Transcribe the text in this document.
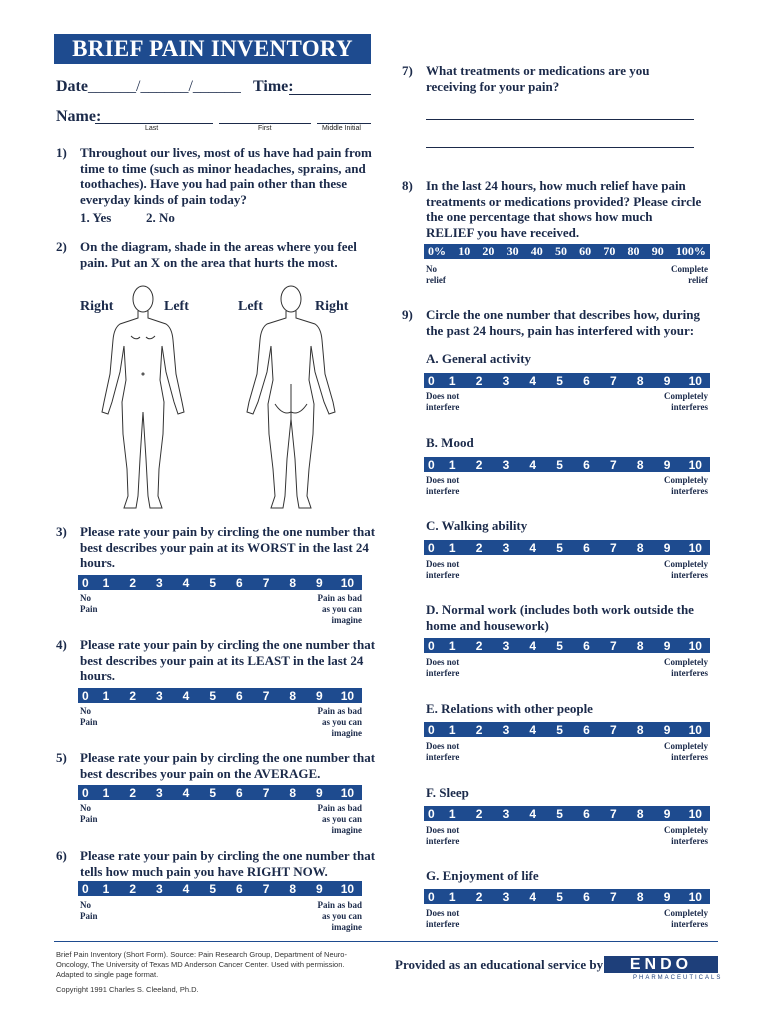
BRIEF PAIN INVENTORY
Date ______/______/______ Time:
Name:
Last	First	Middle Initial
1) Throughout our lives, most of us have had pain from time to time (such as minor headaches, sprains, and toothaches). Have you had pain other than these everyday kinds of pain today?
1. Yes	2. No
2) On the diagram, shade in the areas where you feel pain. Put an X on the area that hurts the most.
Right	Left	Left	Right
3) Please rate your pain by circling the one number that best describes your pain at its WORST in the last 24 hours.
0	1	2	3	4	5	6	7	8	9	10
No
Pain
Pain as bad
as you can
imagine
4) Please rate your pain by circling the one number that best describes your pain at its LEAST in the last 24 hours.
0	1	2	3	4	5	6	7	8	9	10
No
Pain
Pain as bad
as you can
imagine
5) Please rate your pain by circling the one number that best describes your pain on the AVERAGE.
0	1	2	3	4	5	6	7	8	9	10
No
Pain
Pain as bad
as you can
imagine
6) Please rate your pain by circling the one number that tells how much pain you have RIGHT NOW.
0	1	2	3	4	5	6	7	8	9	10
No
Pain
Pain as bad
as you can
imagine
7) What treatments or medications are you receiving for your pain?
8) In the last 24 hours, how much relief have pain treatments or medications provided? Please circle the one percentage that shows how much RELIEF you have received.
0% 10 20 30 40 50 60 70 80 90 100%
No
relief
Complete
relief
9) Circle the one number that describes how, during the past 24 hours, pain has interfered with your:
A. General activity
0	1	2	3	4	5	6	7	8	9	10
Does not
interfere
Completely
interferes
B. Mood
0	1	2	3	4	5	6	7	8	9	10
Does not
interfere
Completely
interferes
C. Walking ability
0	1	2	3	4	5	6	7	8	9	10
Does not
interfere
Completely
interferes
D. Normal work (includes both work outside the home and housework)
0	1	2	3	4	5	6	7	8	9	10
Does not
interfere
Completely
interferes
E. Relations with other people
0	1	2	3	4	5	6	7	8	9	10
Does not
interfere
Completely
interferes
F. Sleep
0	1	2	3	4	5	6	7	8	9	10
Does not
interfere
Completely
interferes
G. Enjoyment of life
0	1	2	3	4	5	6	7	8	9	10
Does not
interfere
Completely
interferes
Brief Pain Inventory (Short Form). Source: Pain Research Group, Department of Neuro-Oncology, The University of Texas MD Anderson Cancer Center. Used with permission. Adapted to single page format.
Copyright 1991 Charles S. Cleeland, Ph.D.
Provided as an educational service by	ENDO
PHARMACEUTICALS
